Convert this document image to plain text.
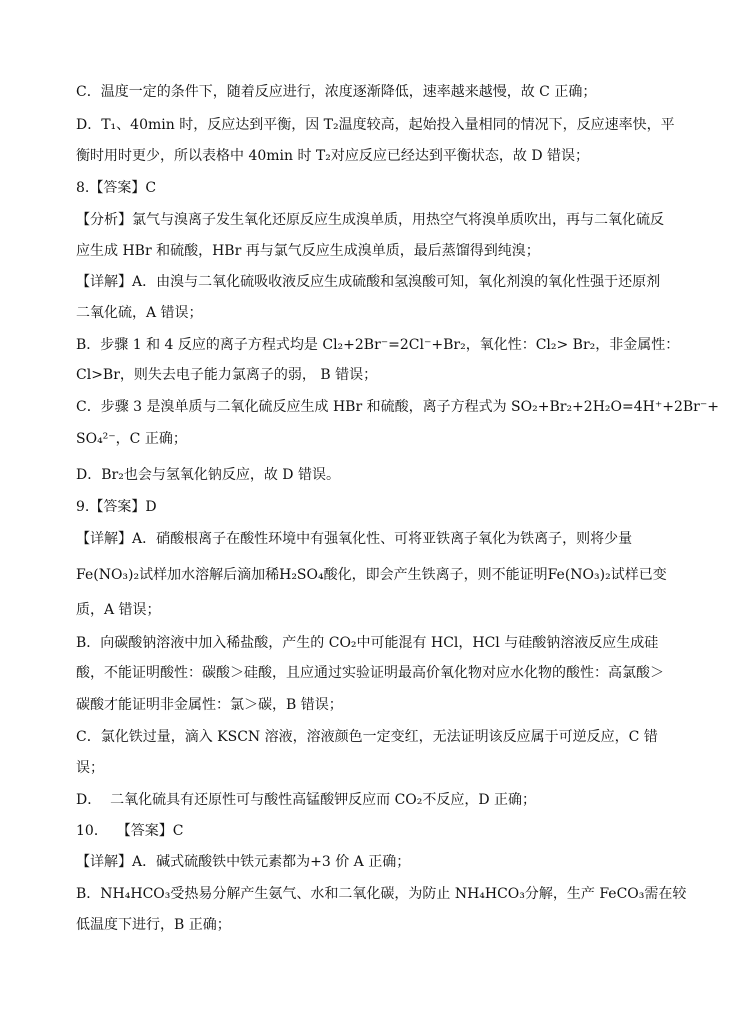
C．温度一定的条件下，随着反应进行，浓度逐渐降低，速率越来越慢，故 C 正确；
D．T₁、40min 时，反应达到平衡，因 T₂温度较高，起始投入量相同的情况下，反应速率快，平
衡时用时更少，所以表格中 40min 时 T₂对应反应已经达到平衡状态，故 D 错误；
8.【答案】C
【分析】氯气与溴离子发生氧化还原反应生成溴单质，用热空气将溴单质吹出，再与二氧化硫反
应生成 HBr 和硫酸，HBr 再与氯气反应生成溴单质，最后蒸馏得到纯溴；
【详解】A．由溴与二氧化硫吸收液反应生成硫酸和氢溴酸可知，氧化剂溴的氧化性强于还原剂
二氧化硫，A 错误；
B．步骤 1 和 4 反应的离子方程式均是 Cl₂+2Br⁻=2Cl⁻+Br₂，氧化性：Cl₂> Br₂，非金属性：
Cl>Br，则失去电子能力氯离子的弱， B 错误；
C．步骤 3 是溴单质与二氧化硫反应生成 HBr 和硫酸，离子方程式为 SO₂+Br₂+2H₂O=4H⁺+2Br⁻+
SO₄²⁻，C 正确；
D．Br₂也会与氢氧化钠反应，故 D 错误。
9.【答案】D
【详解】A．硝酸根离子在酸性环境中有强氧化性、可将亚铁离子氧化为铁离子，则将少量
Fe(NO₃)₂试样加水溶解后滴加稀H₂SO₄酸化，即会产生铁离子，则不能证明Fe(NO₃)₂试样已变
质，A 错误；
B．向碳酸钠溶液中加入稀盐酸，产生的 CO₂中可能混有 HCl，HCl 与硅酸钠溶液反应生成硅
酸，不能证明酸性：碳酸＞硅酸，且应通过实验证明最高价氧化物对应水化物的酸性：高氯酸＞
碳酸才能证明非金属性：氯＞碳，B 错误；
C．氯化铁过量，滴入 KSCN 溶液，溶液颜色一定变红，无法证明该反应属于可逆反应，C 错
误；
D．  二氧化硫具有还原性可与酸性高锰酸钾反应而 CO₂不反应，D 正确；
10．  【答案】C
【详解】A．碱式硫酸铁中铁元素都为+3 价 A 正确；
B．NH₄HCO₃受热易分解产生氨气、水和二氧化碳，为防止 NH₄HCO₃分解，生产 FeCO₃需在较
低温度下进行，B 正确；
